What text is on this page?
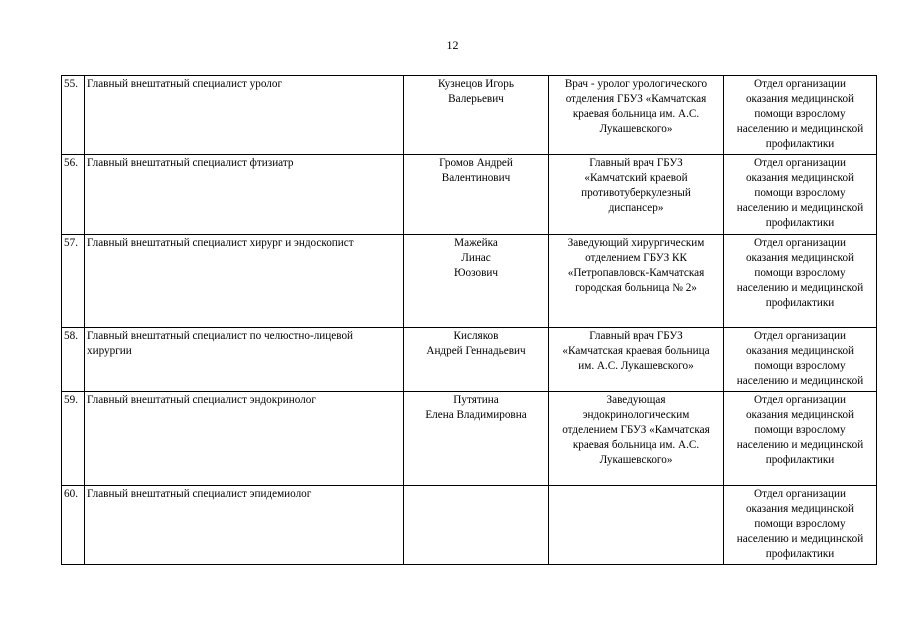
12
55.	Главный внештатный специалист уролог	Кузнецов Игорь
Валерьевич	Врач - уролог урологического
отделения ГБУЗ «Камчатская
краевая больница им. А.С.
Лукашевского»	Отдел организации
оказания медицинской
помощи взрослому
населению и медицинской
профилактики

56.	Главный внештатный специалист фтизиатр	Громов Андрей
Валентинович	Главный врач ГБУЗ
«Камчатский краевой
противотуберкулезный
диспансер»	Отдел организации
оказания медицинской
помощи взрослому
населению и медицинской
профилактики

57.	Главный внештатный специалист хирург и эндоскопист	Мажейка
Линас
Юозович	Заведующий хирургическим
отделением ГБУЗ КК
«Петропавловск-Камчатская
городская больница № 2»	Отдел организации
оказания медицинской
помощи взрослому
населению и медицинской
профилактики

58.	Главный внештатный специалист по челюстно-лицевой
хирургии	Кисляков
Андрей Геннадьевич	Главный врач ГБУЗ
«Камчатская краевая больница
им. А.С. Лукашевского»	Отдел организации
оказания медицинской
помощи взрослому
населению и медицинской

59.	Главный внештатный специалист эндокринолог	Путятина
Елена Владимировна	Заведующая
эндокринологическим
отделением ГБУЗ «Камчатская
краевая больница им. А.С.
Лукашевского»	Отдел организации
оказания медицинской
помощи взрослому
населению и медицинской
профилактики

60.	Главный внештатный специалист эпидемиолог			Отдел организации
оказания медицинской
помощи взрослому
населению и медицинской
профилактики
